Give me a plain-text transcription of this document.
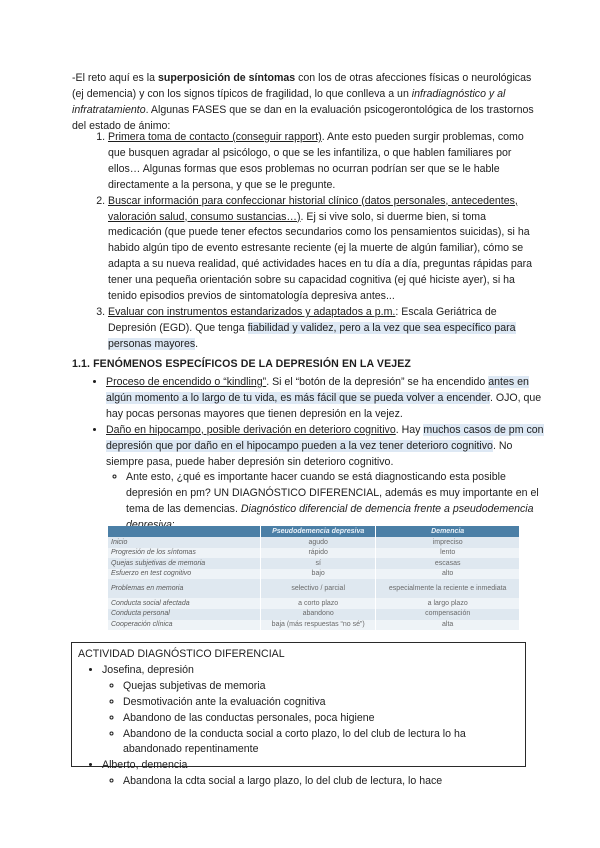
-El reto aquí es la superposición de síntomas con los de otras afecciones físicas o neurológicas (ej demencia) y con los signos típicos de fragilidad, lo que conlleva a un infradiagnóstico y al infratratamiento. Algunas FASES que se dan en la evaluación psicogerontológica de los trastornos del estado de ánimo:

1. Primera toma de contacto (conseguir rapport). Ante esto pueden surgir problemas, como que busquen agradar al psicólogo, o que se les infantiliza, o que hablen familiares por ellos… Algunas formas que esos problemas no ocurran podrían ser que se le hable directamente a la persona, y que se le pregunte.
2. Buscar información para confeccionar historial clínico (datos personales, antecedentes, valoración salud, consumo sustancias…). Ej si vive solo, si duerme bien, si toma medicación (que puede tener efectos secundarios como los pensamientos suicidas), si ha habido algún tipo de evento estresante reciente (ej la muerte de algún familiar), cómo se adapta a su nueva realidad, qué actividades haces en tu día a día, preguntas rápidas para tener una pequeña orientación sobre su capacidad cognitiva (ej qué hiciste ayer), si ha tenido episodios previos de sintomatología depresiva antes...
3. Evaluar con instrumentos estandarizados y adaptados a p.m.: Escala Geriátrica de Depresión (EGD). Que tenga fiabilidad y validez, pero a la vez que sea específico para personas mayores.
1.1. FENÓMENOS ESPECÍFICOS DE LA DEPRESIÓN EN LA VEJEZ
• Proceso de encendido o “kindling”. Si el “botón de la depresión” se ha encendido antes en algún momento a lo largo de tu vida, es más fácil que se pueda volver a encender. OJO, que hay pocas personas mayores que tienen depresión en la vejez.
• Daño en hipocampo, posible derivación en deterioro cognitivo. Hay muchos casos de pm con depresión que por daño en el hipocampo pueden a la vez tener deterioro cognitivo. No siempre pasa, puede haber depresión sin deterioro cognitivo.
◦ Ante esto, ¿qué es importante hacer cuando se está diagnosticando esta posible depresión en pm? UN DIAGNÓSTICO DIFERENCIAL, además es muy importante en el tema de las demencias. Diagnóstico diferencial de demencia frente a pseudodemencia
	Pseudodemencia depresiva	Demencia
Inicio	agudo	impreciso
Progresión de los síntomas	rápido	lento
Quejas subjetivas de memoria	sí	escasas
Esfuerzo en test cognitivo	bajo	alto
Problemas en memoria	selectivo / parcial	especialmente la reciente e inmediata
Conducta social afectada	a corto plazo	a largo plazo
Conducta personal	abandono	compensación
Cooperación clínica	baja (más respuestas “no sé”)	alta

ACTIVIDAD DIAGNÓSTICO DIFERENCIAL

• Josefina, depresión
◦ Quejas subjetivas de memoria
◦ Desmotivación ante la evaluación cognitiva
◦ Abandono de las conductas personales, poca higiene
◦ Abandono de la conducta social a corto plazo, lo del club de lectura lo ha abandonado repentinamente
• Alberto, demencia
◦ Abandona la cdta social a largo plazo, lo del club de lectura, lo hace
